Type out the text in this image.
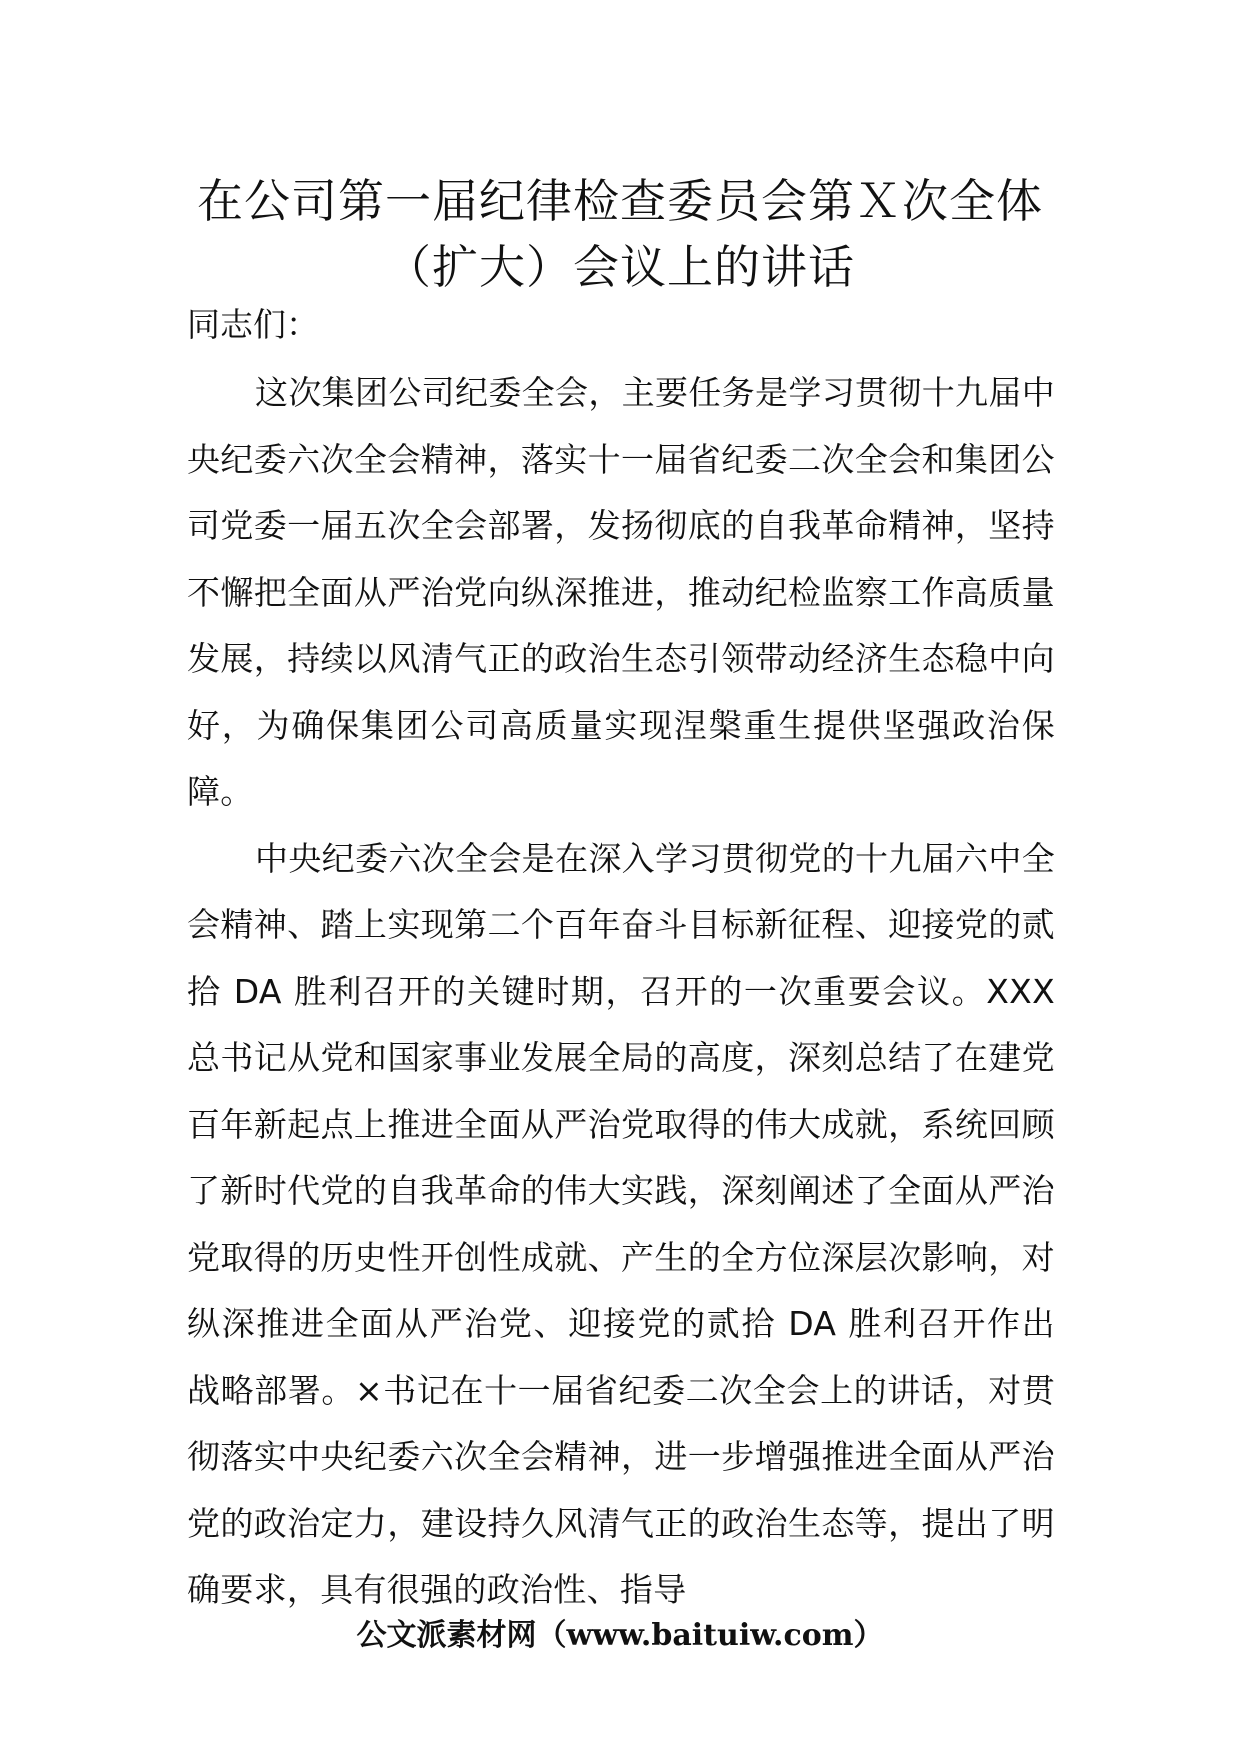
在公司第一届纪律检查委员会第Ｘ次全体
（扩大）会议上的讲话

同志们：

这次集团公司纪委全会，主要任务是学习贯彻十九届中央纪委六次全会精神，落实十一届省纪委二次全会和集团公司党委一届五次全会部署，发扬彻底的自我革命精神，坚持不懈把全面从严治党向纵深推进，推动纪检监察工作高质量发展，持续以风清气正的政治生态引领带动经济生态稳中向好，为确保集团公司高质量实现涅槃重生提供坚强政治保障。

中央纪委六次全会是在深入学习贯彻党的十九届六中全会精神、踏上实现第二个百年奋斗目标新征程、迎接党的贰拾 DA 胜利召开的关键时期，召开的一次重要会议。XXX 总书记从党和国家事业发展全局的高度，深刻总结了在建党百年新起点上推进全面从严治党取得的伟大成就，系统回顾了新时代党的自我革命的伟大实践，深刻阐述了全面从严治党取得的历史性开创性成就、产生的全方位深层次影响，对纵深推进全面从严治党、迎接党的贰拾 DA 胜利召开作出战略部署。×书记在十一届省纪委二次全会上的讲话，对贯彻落实中央纪委六次全会精神，进一步增强推进全面从严治党的政治定力，建设持久风清气正的政治生态等，提出了明确要求，具有很强的政治性、指导

公文派素材网（www.baituiw.com）
